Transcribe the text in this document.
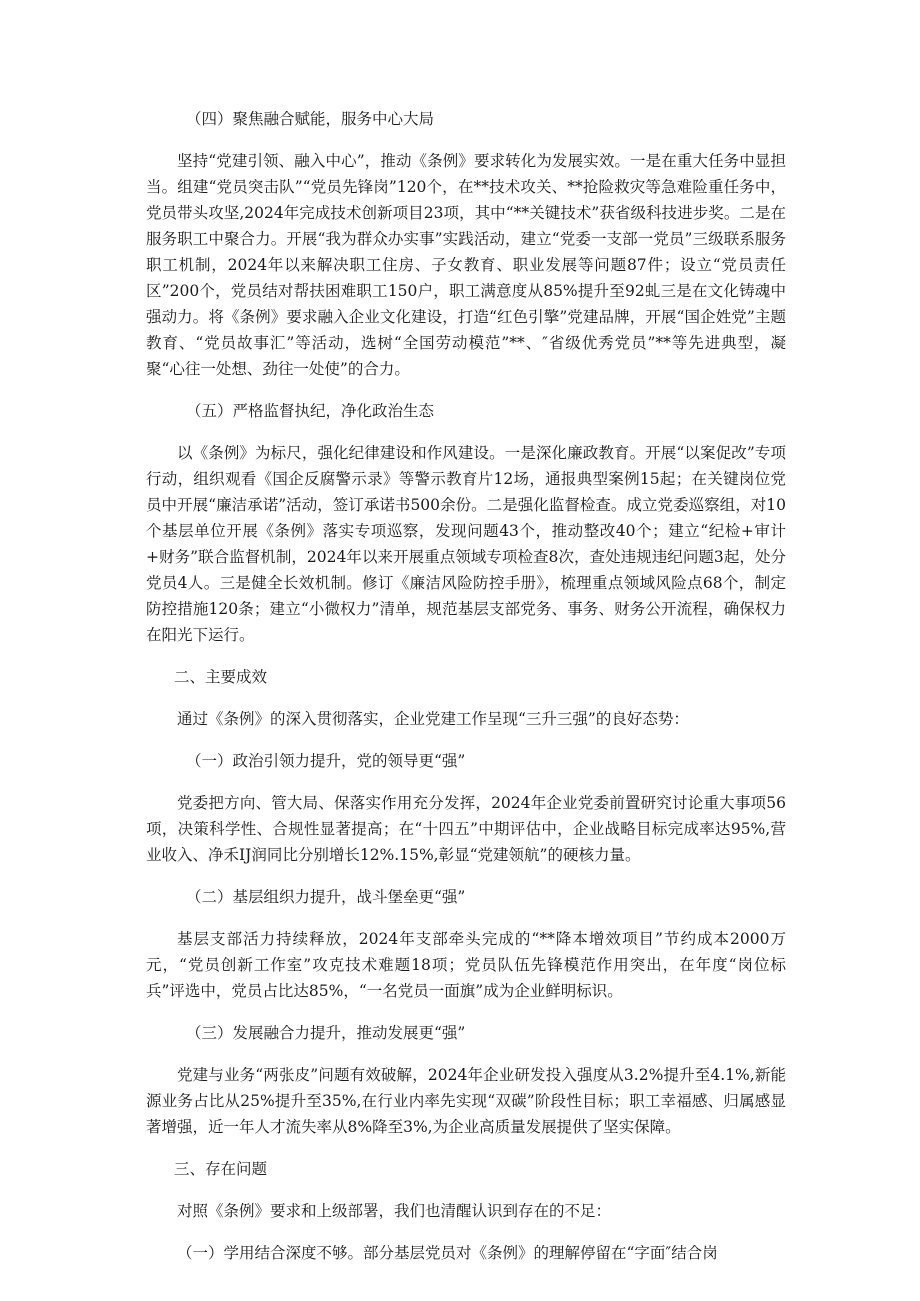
（四）聚焦融合赋能，服务中心大局

坚持“党建引领、融入中心”，推动《条例》要求转化为发展实效。一是在重大任务中显担当。组建“党员突击队”“党员先锋岗”120个，在**技术攻关、**抢险救灾等急难险重任务中，党员带头攻坚,2024年完成技术创新项目23项，其中“**关键技术”获省级科技进步奖。二是在服务职工中聚合力。开展“我为群众办实事”实践活动，建立“党委一支部一党员”三级联系服务职工机制，2024年以来解决职工住房、子女教育、职业发展等问题87件；设立“党员责任区”200个，党员结对帮扶困难职工150户，职工满意度从85%提升至92虬三是在文化铸魂中强动力。将《条例》要求融入企业文化建设，打造“红色引擎”党建品牌，开展“国企姓党”主题教育、“党员故事汇”等活动，选树“全国劳动模范”**、″省级优秀党员”**等先进典型，凝聚“心往一处想、劲往一处使”的合力。

（五）严格监督执纪，净化政治生态

以《条例》为标尺，强化纪律建设和作风建设。一是深化廉政教育。开展“以案促改”专项行动，组织观看《国企反腐警示录》等警示教育片12场，通报典型案例15起；在关键岗位党员中开展“廉洁承诺”活动，签订承诺书500余份。二是强化监督检查。成立党委巡察组，对10个基层单位开展《条例》落实专项巡察，发现问题43个，推动整改40个；建立“纪检+审计+财务”联合监督机制，2024年以来开展重点领域专项检查8次，查处违规违纪问题3起，处分党员4人。三是健全长效机制。修订《廉洁风险防控手册》，梳理重点领域风险点68个，制定防控措施120条；建立“小微权力”清单，规范基层支部党务、事务、财务公开流程，确保权力在阳光下运行。

二、主要成效

通过《条例》的深入贯彻落实，企业党建工作呈现“三升三强”的良好态势：

（一）政治引领力提升，党的领导更“强”

党委把方向、管大局、保落实作用充分发挥，2024年企业党委前置研究讨论重大事项56项，决策科学性、合规性显著提高；在“十四五”中期评估中，企业战略目标完成率达95%,营业收入、净禾IJ润同比分别增长12%.15%,彰显“党建领航”的硬核力量。

（二）基层组织力提升，战斗堡垒更“强”

基层支部活力持续释放，2024年支部牵头完成的“**降本增效项目”节约成本2000万元，“党员创新工作室”攻克技术难题18项；党员队伍先锋模范作用突出，在年度“岗位标兵”评选中，党员占比达85%，“一名党员一面旗”成为企业鲜明标识。

（三）发展融合力提升，推动发展更“强”

党建与业务“两张皮”问题有效破解，2024年企业研发投入强度从3.2%提升至4.1%,新能源业务占比从25%提升至35%,在行业内率先实现“双碳”阶段性目标；职工幸福感、归属感显著增强，近一年人才流失率从8%降至3%,为企业高质量发展提供了坚实保障。

三、存在问题

对照《条例》要求和上级部署，我们也清醒认识到存在的不足：

（一）学用结合深度不够。部分基层党员对《条例》的理解停留在“字面″结合岗
